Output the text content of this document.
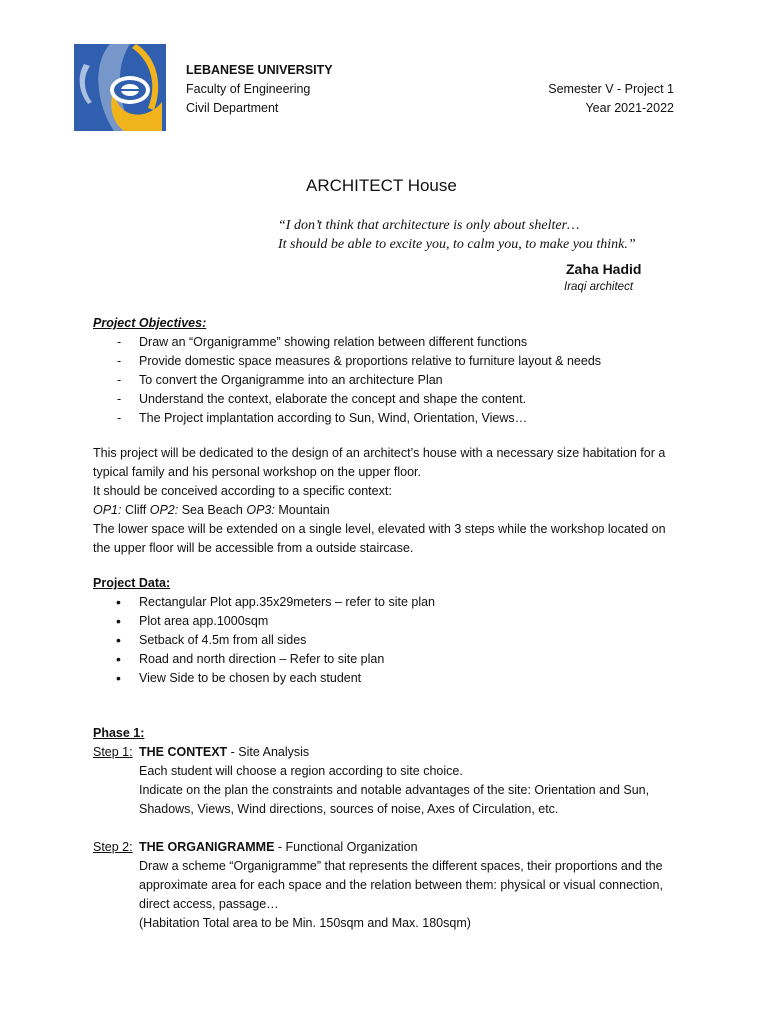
LEBANESE UNIVERSITY
Faculty of Engineering
Civil Department
Semester V - Project 1
Year 2021-2022
ARCHITECT House
“I don’t think that architecture is only about shelter…
It should be able to excite you, to calm you, to make you think.”
Zaha Hadid
Iraqi architect
Project Objectives:
- Draw an “Organigramme” showing relation between different functions
- Provide domestic space measures & proportions relative to furniture layout & needs
- To convert the Organigramme into an architecture Plan
- Understand the context, elaborate the concept and shape the content.
- The Project implantation according to Sun, Wind, Orientation, Views…

This project will be dedicated to the design of an architect’s house with a necessary size habitation for a typical family and his personal workshop on the upper floor.

It should be conceived according to a specific context:

OP1: Cliff OP2: Sea Beach OP3: Mountain

The lower space will be extended on a single level, elevated with 3 steps while the workshop located on the upper floor will be accessible from a outside staircase.

Project Data:
• Rectangular Plot app.35x29meters – refer to site plan
• Plot area app.1000sqm
• Setback of 4.5m from all sides
• Road and north direction – Refer to site plan
• View Side to be chosen by each student
Phase 1:
Step 1: THE CONTEXT - Site Analysis
Each student will choose a region according to site choice.
Indicate on the plan the constraints and notable advantages of the site: Orientation and Sun, Shadows, Views, Wind directions, sources of noise, Axes of Circulation, etc.
Step 2: THE ORGANIGRAMME - Functional Organization
Draw a scheme “Organigramme” that represents the different spaces, their proportions and the approximate area for each space and the relation between them: physical or visual connection, direct access, passage…
(Habitation Total area to be Min. 150sqm and Max. 180sqm)
